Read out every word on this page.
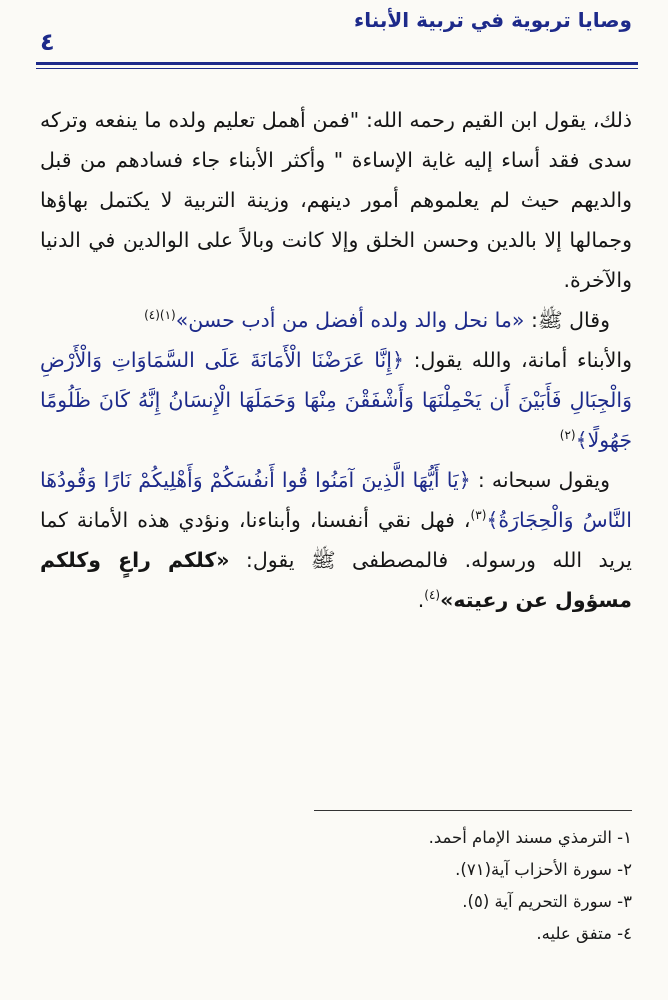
وصايا تربوية في تربية الأبناء
٤

ذلك، يقول ابن القيم رحمه الله: "فمن أهمل تعليم ولده ما ينفعه وتركه سدى فقد أساء إليه غاية الإساءة " وأكثر الأبناء جاء فسادهم من قبل والديهم حيث لم يعلموهم أمور دينهم، وزينة التربية لا يكتمل بهاؤها وجمالها إلا بالدين وحسن الخلق وإلا كانت وبالاً على الوالدين في الدنيا والآخرة.

وقال ﷺ: «ما نحل والد ولده أفضل من أدب حسن»$^{(١)(٤)}$

والأبناء أمانة، والله يقول: ﴿إِنَّا عَرَضْنَا الْأَمَانَةَ عَلَى السَّمَاوَاتِ وَالْأَرْضِ وَالْجِبَالِ فَأَبَيْنَ أَن يَحْمِلْنَهَا وَأَشْفَقْنَ مِنْهَا وَحَمَلَهَا الْإِنسَانُ إِنَّهُ كَانَ ظَلُومًا جَهُولًا﴾$^{(٢)}$

ويقول سبحانه : ﴿يَا أَيُّهَا الَّذِينَ آمَنُوا قُوا أَنفُسَكُمْ وَأَهْلِيكُمْ نَارًا وَقُودُهَا النَّاسُ وَالْحِجَارَةُ﴾$^{(٣)}$، فهل نقي أنفسنا، وأبناءنا، ونؤدي هذه الأمانة كما يريد الله ورسوله. فالمصطفى ﷺ يقول: «كلكم راعٍ وكلكم مسؤول عن رعيته»$^{(٤)}$.

١- الترمذي مسند الإمام أحمد.
٢- سورة الأحزاب آية(٧١).
٣- سورة التحريم آية (٥).
٤- متفق عليه.
